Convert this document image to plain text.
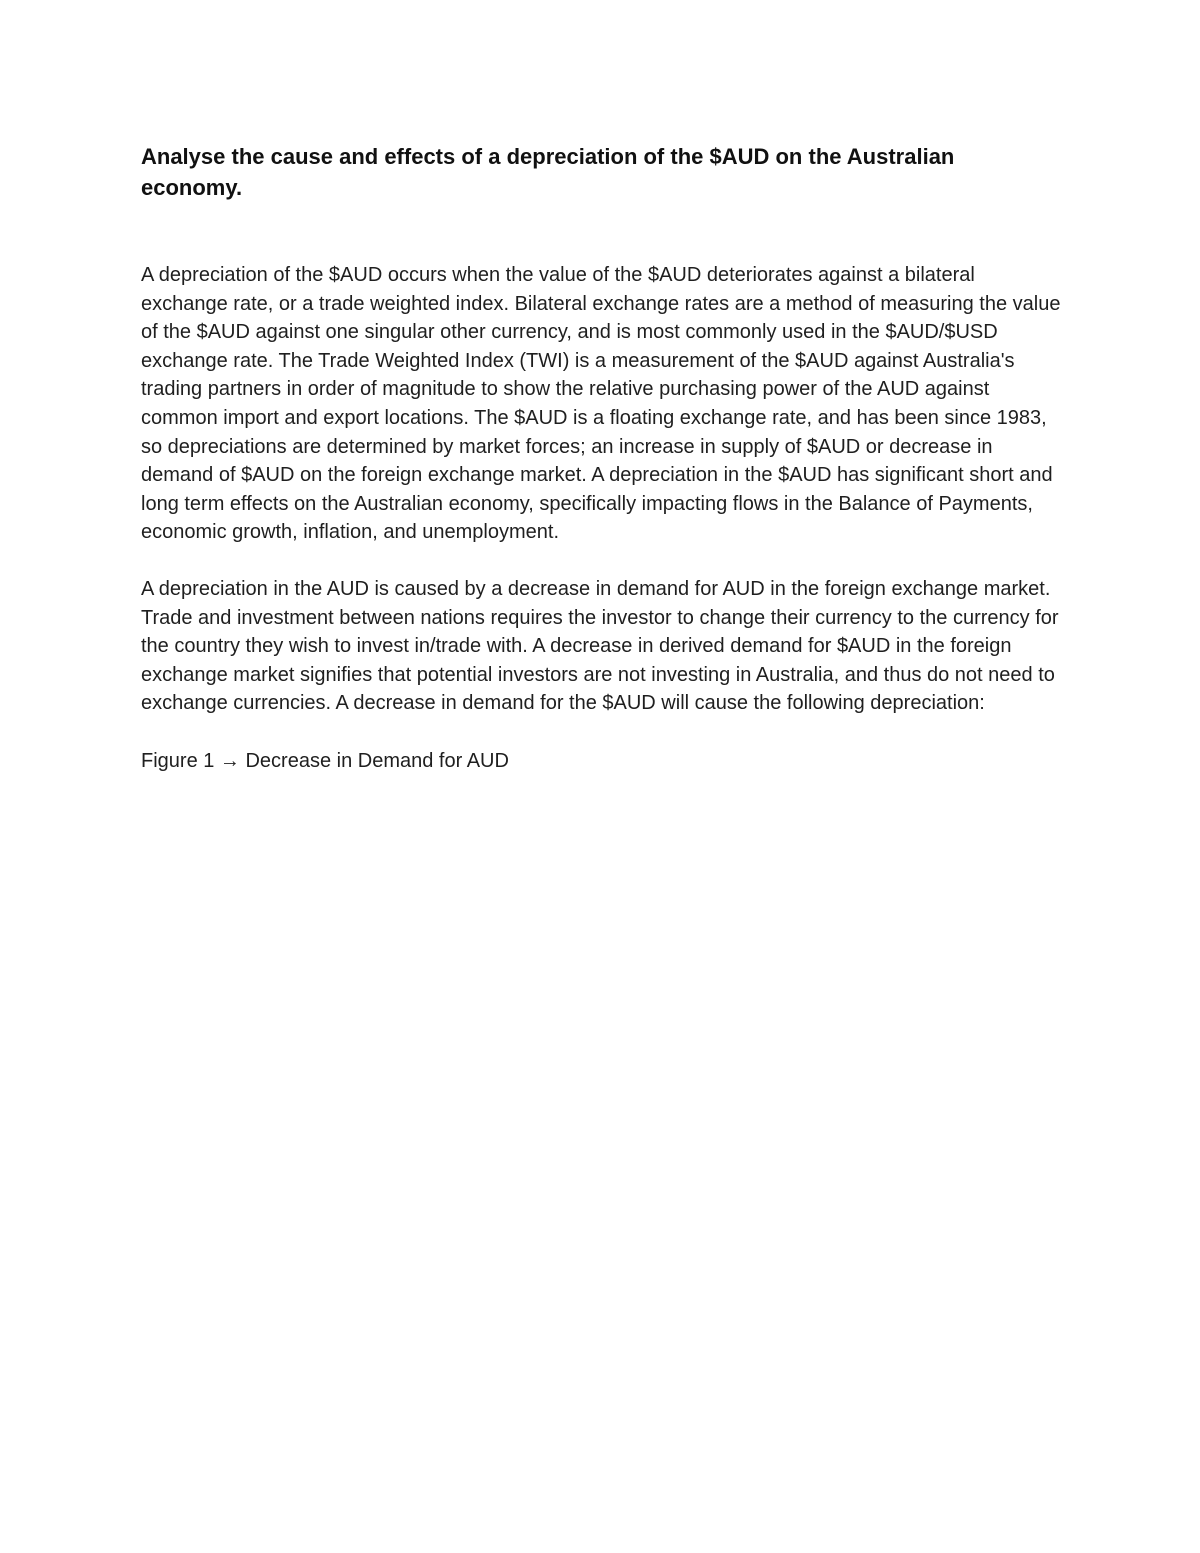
Analyse the cause and effects of a depreciation of the $AUD on the Australian economy.

A depreciation of the $AUD occurs when the value of the $AUD deteriorates against a bilateral exchange rate, or a trade weighted index. Bilateral exchange rates are a method of measuring the value of the $AUD against one singular other currency, and is most commonly used in the $AUD/$USD exchange rate. The Trade Weighted Index (TWI) is a measurement of the $AUD against Australia's trading partners in order of magnitude to show the relative purchasing power of the AUD against common import and export locations. The $AUD is a floating exchange rate, and has been since 1983, so depreciations are determined by market forces; an increase in supply of $AUD or decrease in demand of $AUD on the foreign exchange market. A depreciation in the $AUD has significant short and long term effects on the Australian economy, specifically impacting flows in the Balance of Payments, economic growth, inflation, and unemployment.

A depreciation in the AUD is caused by a decrease in demand for AUD in the foreign exchange market. Trade and investment between nations requires the investor to change their currency to the currency for the country they wish to invest in/trade with. A decrease in derived demand for $AUD in the foreign exchange market signifies that potential investors are not investing in Australia, and thus do not need to exchange currencies. A decrease in demand for the $AUD will cause the following depreciation:

Figure 1 → Decrease in Demand for AUD
